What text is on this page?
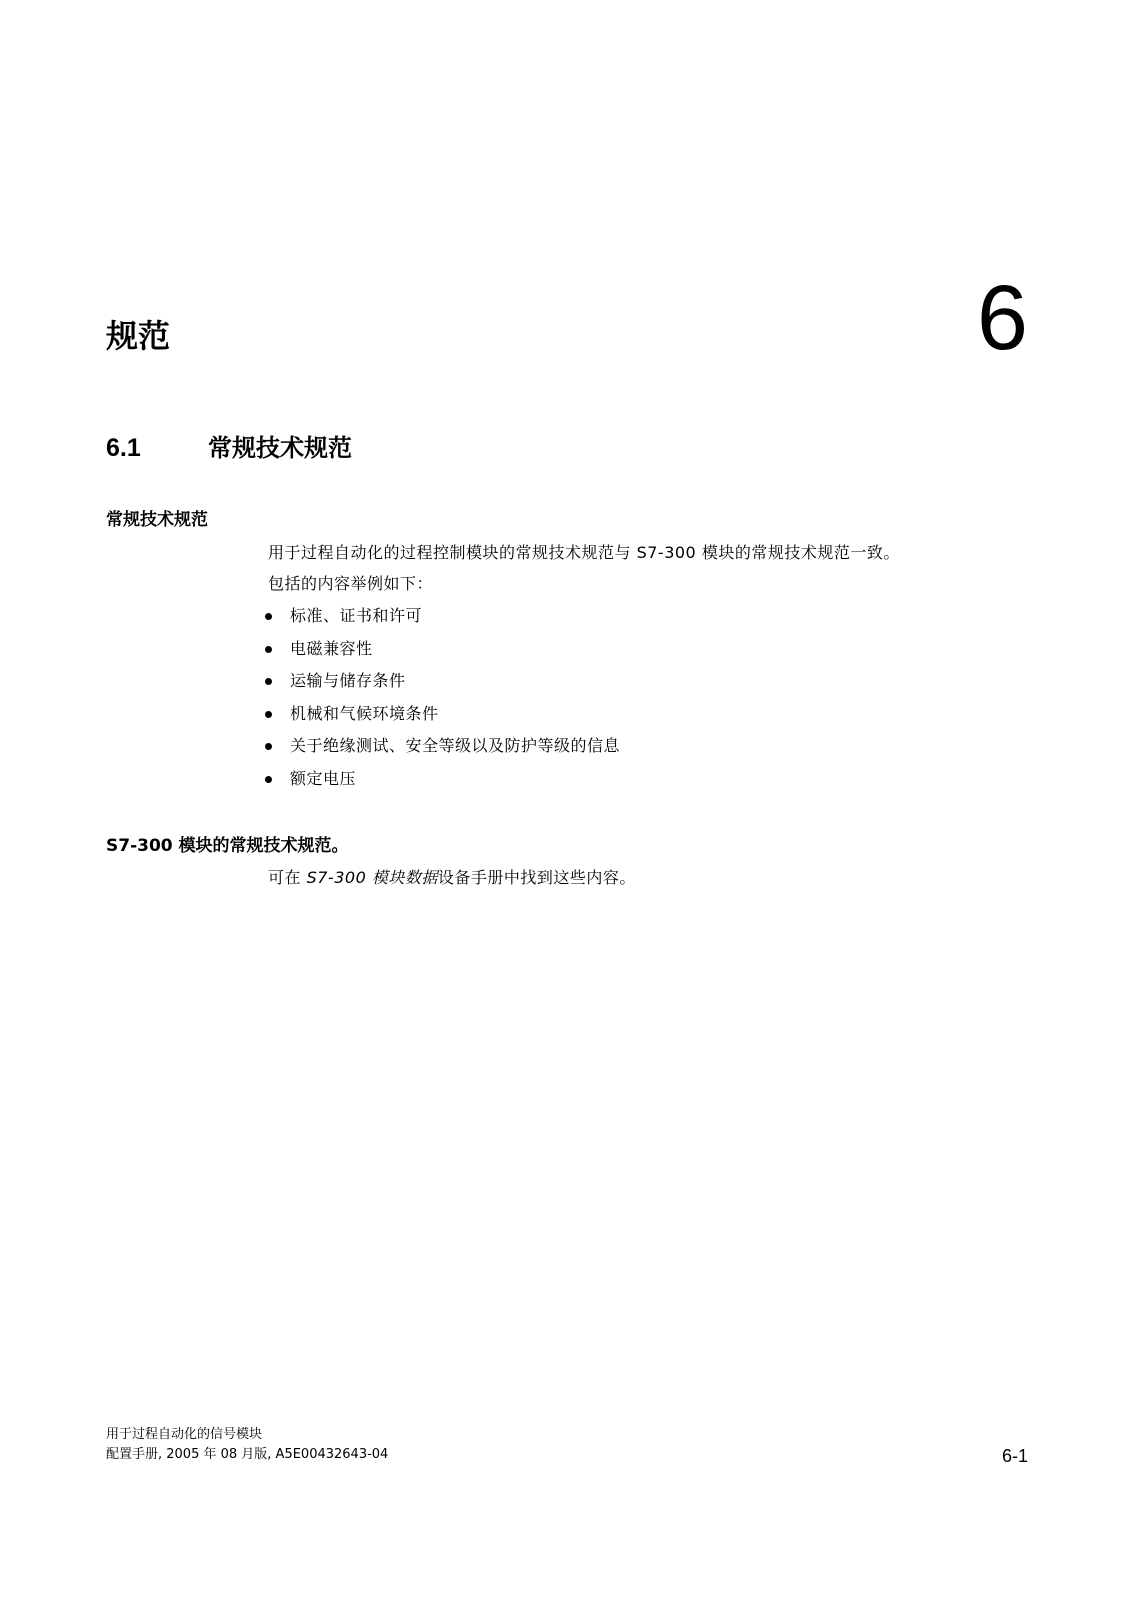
规范	6
6.1	常规技术规范
常规技术规范
用于过程自动化的过程控制模块的常规技术规范与 S7-300 模块的常规技术规范一致。
包括的内容举例如下：
标准、证书和许可
电磁兼容性
运输与储存条件
机械和气候环境条件
关于绝缘测试、安全等级以及防护等级的信息
额定电压
S7-300 模块的常规技术规范。
可在 S7-300 模块数据设备手册中找到这些内容。
用于过程自动化的信号模块
配置手册, 2005 年 08 月版, A5E00432643-04	6-1
